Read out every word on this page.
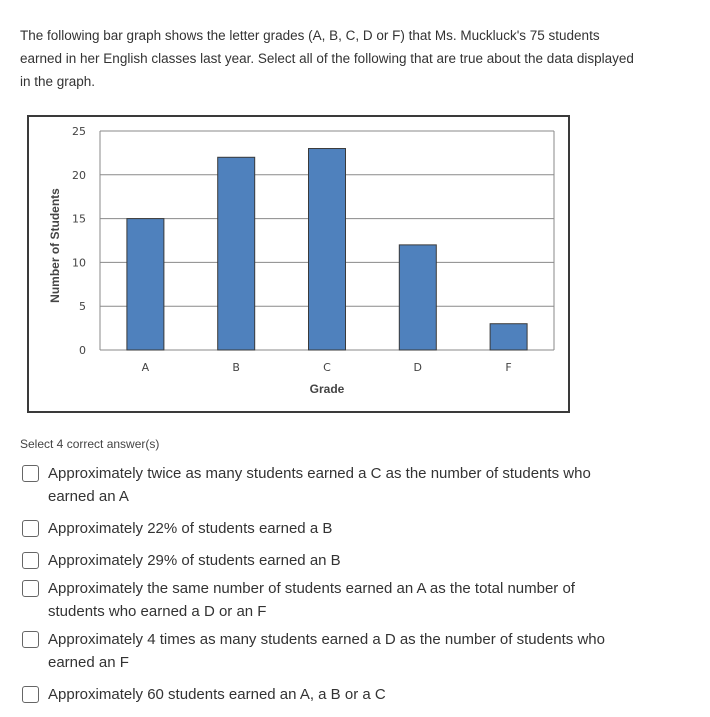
The following bar graph shows the letter grades (A, B, C, D or F) that Ms. Muckluck's 75 students earned in her English classes last year. Select all of the following that are true about the data displayed in the graph.
0
5
10
15
20
25
A	B	C	D	F
Grade
Number of Students
Select 4 correct answer(s)
Approximately twice as many students earned a C as the number of students who earned an A
Approximately 22% of students earned a B
Approximately 29% of students earned an B
Approximately the same number of students earned an A as the total number of students who earned a D or an F
Approximately 4 times as many students earned a D as the number of students who earned an F
Approximately 60 students earned an A, a B or a C
